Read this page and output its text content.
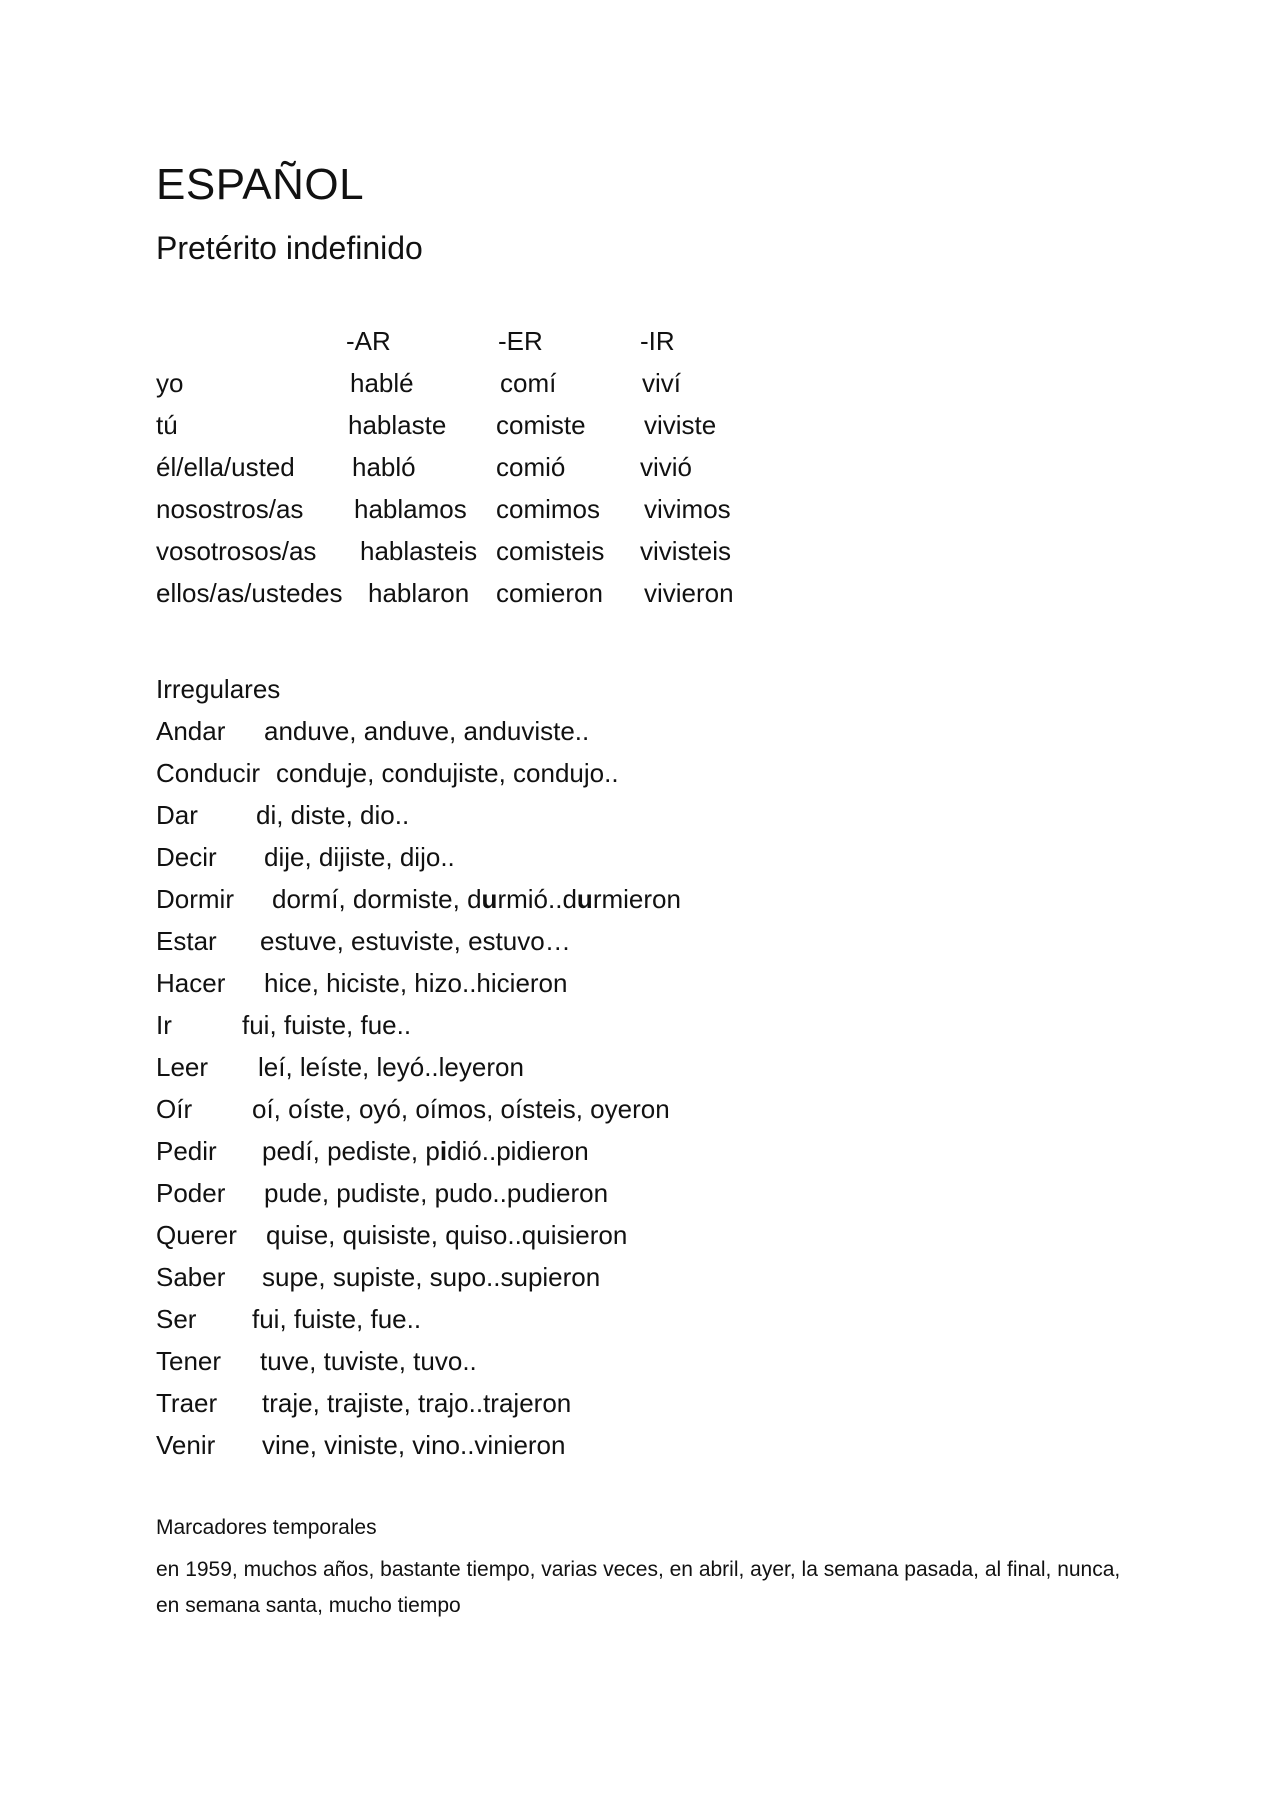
ESPAÑOL
Pretérito indefinido
-AR	-ER	-IR
yo	hablé	comí	viví
tú	hablaste comiste viviste
él/ella/usted habló	comió	vivió
nosostros/as hablamos comimos vivimos
vosotrosos/as hablasteis comisteis vivisteis
ellos/as/ustedes hablaron comieron vivieron
Irregulares
Andar anduve, anduve, anduviste..
Conducir conduje, condujiste, condujo..
Dar di, diste, dio..
Decir dije, dijiste, dijo..
Dormir dormí, dormiste, durmió..durmieron
Estar estuve, estuviste, estuvo…
Hacer hice, hiciste, hizo..hicieron
Ir	fui, fuiste, fue..
Leer leí, leíste, leyó..leyeron
Oír oí, oíste, oyó, oímos, oísteis, oyeron
Pedir pedí, pediste, pidió..pidieron
Poder pude, pudiste, pudo..pudieron
Querer quise, quisiste, quiso..quisieron
Saber supe, supiste, supo..supieron
Ser fui, fuiste, fue..
Tener tuve, tuviste, tuvo..
Traer traje, trajiste, trajo..trajeron
Venir vine, viniste, vino..vinieron
Marcadores temporales
en 1959, muchos años, bastante tiempo, varias veces, en abril, ayer, la semana pasada, al final, nunca, en semana santa, mucho tiempo
